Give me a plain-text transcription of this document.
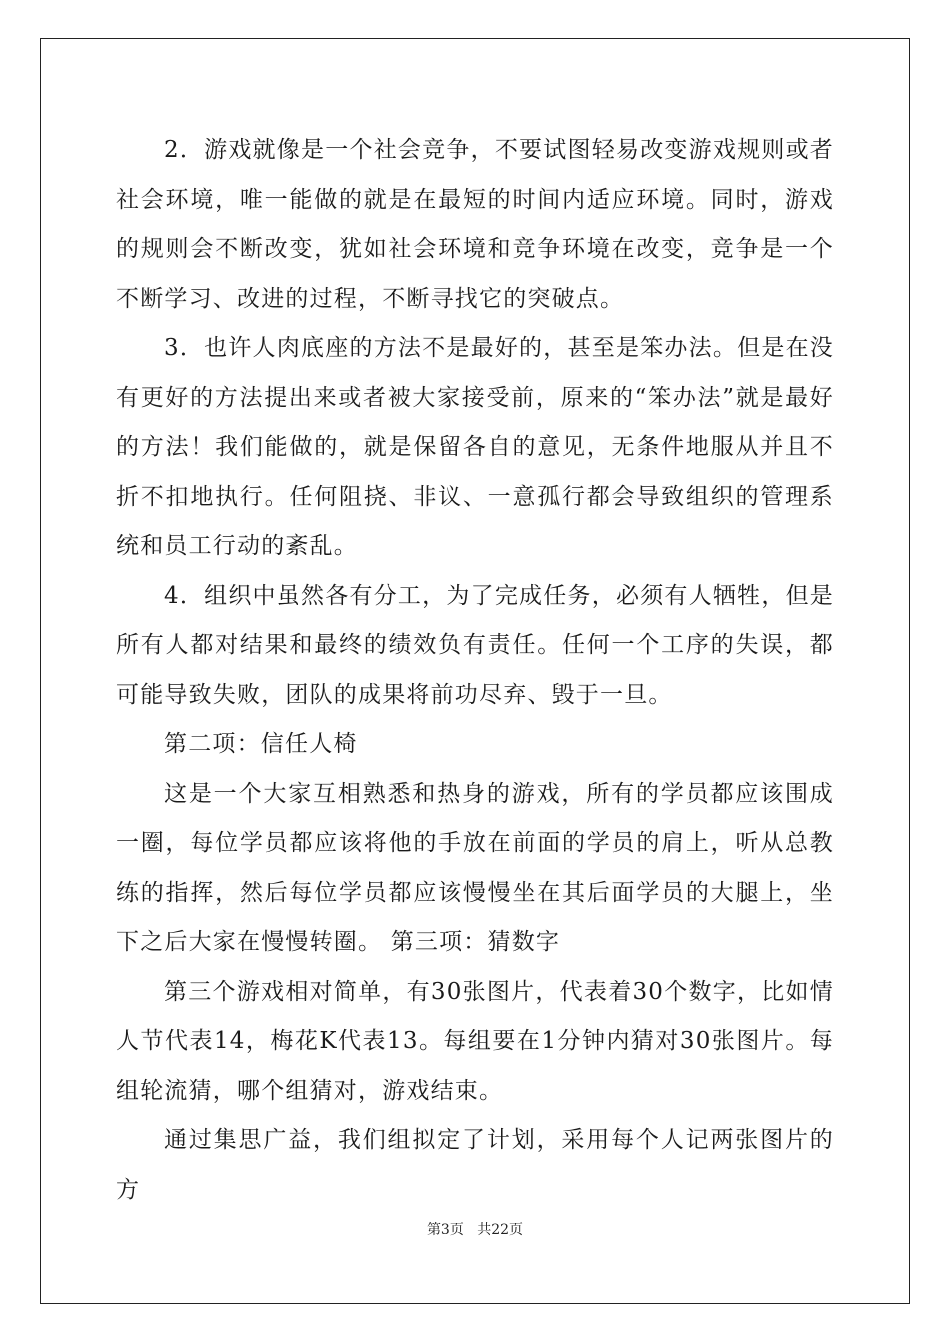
2．游戏就像是一个社会竞争，不要试图轻易改变游戏规则或者社会环境，唯一能做的就是在最短的时间内适应环境。同时，游戏的规则会不断改变，犹如社会环境和竞争环境在改变，竞争是一个不断学习、改进的过程，不断寻找它的突破点。

3．也许人肉底座的方法不是最好的，甚至是笨办法。但是在没有更好的方法提出来或者被大家接受前，原来的“笨办法”就是最好的方法！我们能做的，就是保留各自的意见，无条件地服从并且不折不扣地执行。任何阻挠、非议、一意孤行都会导致组织的管理系统和员工行动的紊乱。

4．组织中虽然各有分工，为了完成任务，必须有人牺牲，但是所有人都对结果和最终的绩效负有责任。任何一个工序的失误，都可能导致失败，团队的成果将前功尽弃、毁于一旦。

第二项：信任人椅

这是一个大家互相熟悉和热身的游戏，所有的学员都应该围成一圈，每位学员都应该将他的手放在前面的学员的肩上，听从总教练的指挥，然后每位学员都应该慢慢坐在其后面学员的大腿上，坐下之后大家在慢慢转圈。 第三项：猜数字

第三个游戏相对简单，有30张图片，代表着30个数字，比如情人节代表14，梅花K代表13。每组要在1分钟内猜对30张图片。每组轮流猜，哪个组猜对，游戏结束。

通过集思广益，我们组拟定了计划，采用每个人记两张图片的方

第3页 共22页
